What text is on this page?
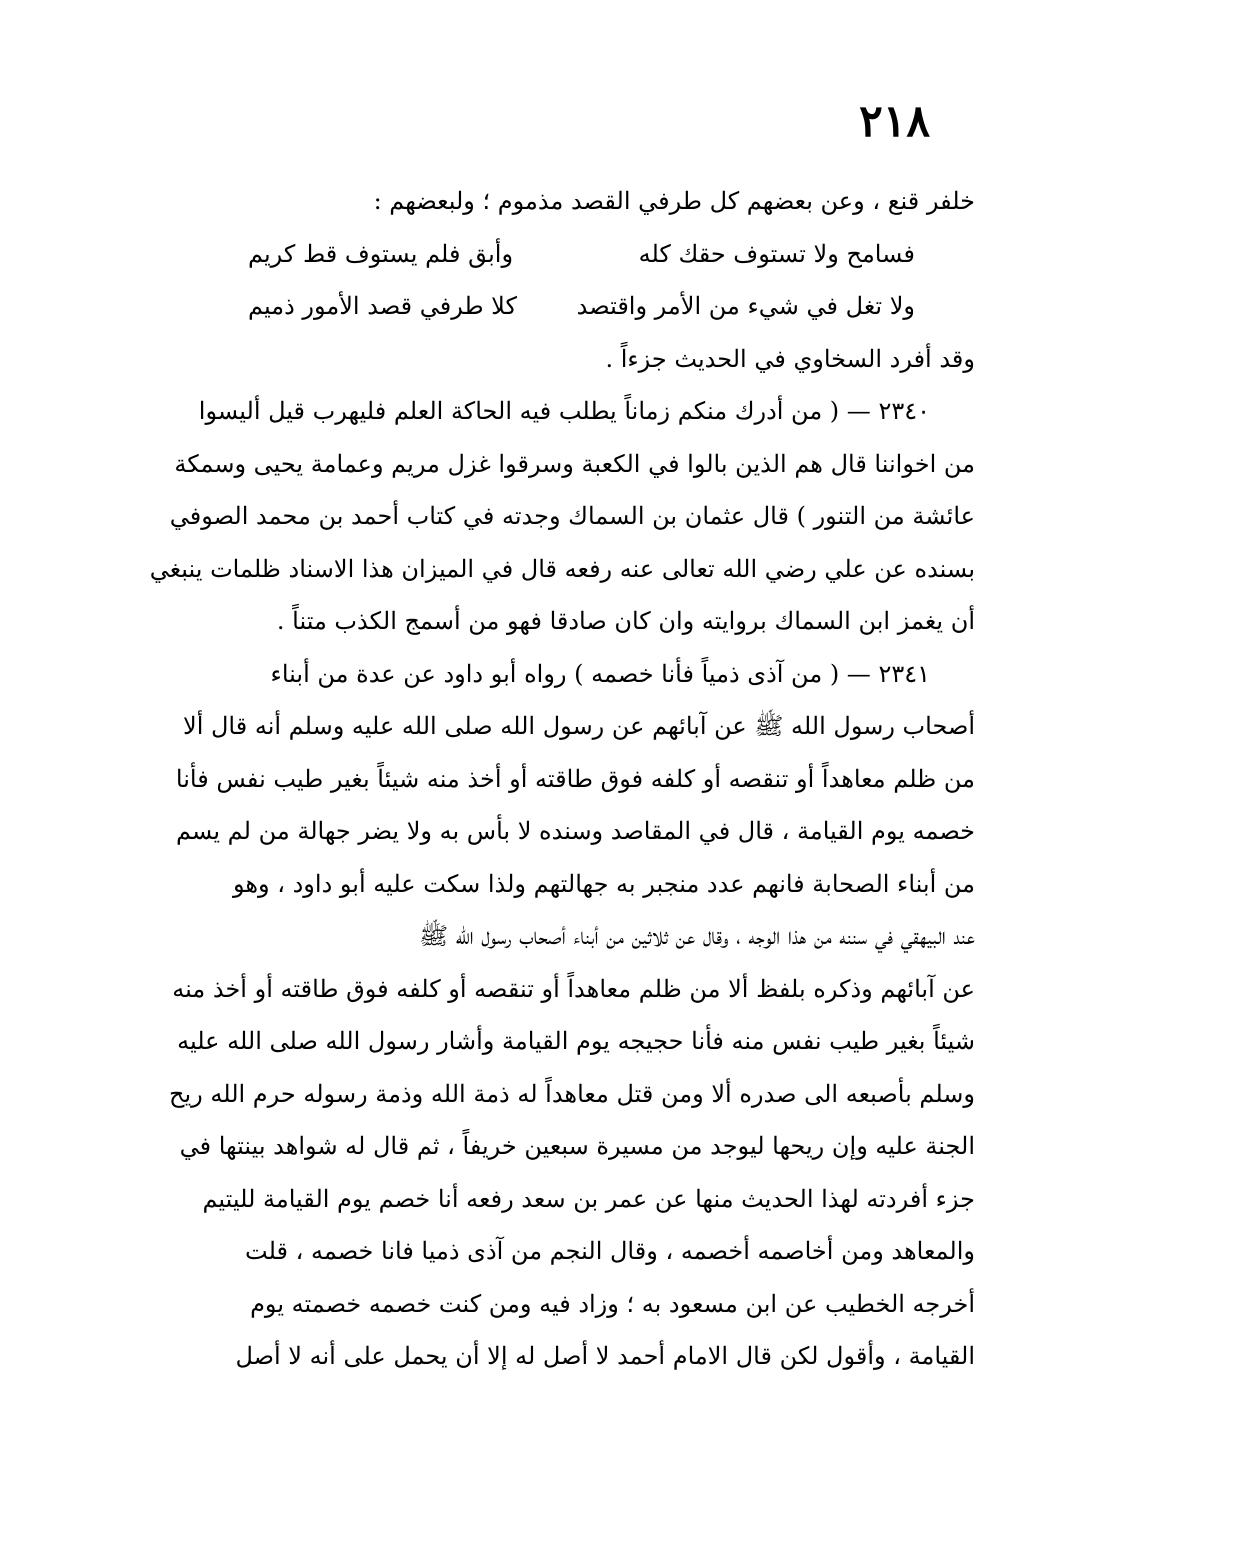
٢١٨
خلفر قنع ، وعن بعضهم كل طرفي القصد مذموم ؛ ولبعضهم :
فسامح ولا تستوف حقك كله
وأبق فلم يستوف قط كريم
ولا تغل في شيء من الأمر واقتصد
كلا طرفي قصد الأمور ذميم
وقد أفرد السخاوي في الحديث جزءاً .
٢٣٤٠ — ( من أدرك منكم زماناً يطلب فيه الحاكة العلم فليهرب قيل أليسوا
من اخواننا قال هم الذين بالوا في الكعبة وسرقوا غزل مريم وعمامة يحيى وسمكة
عائشة من التنور ) قال عثمان بن السماك وجدته في كتاب أحمد بن محمد الصوفي
بسنده عن علي رضي الله تعالى عنه رفعه قال في الميزان هذا الاسناد ظلمات ينبغي
أن يغمز ابن السماك بروايته وان كان صادقا فهو من أسمج الكذب متناً .
٢٣٤١ — ( من آذى ذمياً فأنا خصمه ) رواه أبو داود عن عدة من أبناء
أصحاب رسول الله ﷺ عن آبائهم عن رسول الله صلى الله عليه وسلم أنه قال ألا
من ظلم معاهداً أو تنقصه أو كلفه فوق طاقته أو أخذ منه شيئاً بغير طيب نفس فأنا
خصمه يوم القيامة ، قال في المقاصد وسنده لا بأس به ولا يضر جهالة من لم يسم
من أبناء الصحابة فانهم عدد منجبر به جهالتهم ولذا سكت عليه أبو داود ، وهو
عند البيهقي في سننه من هذا الوجه ، وقال عن ثلاثين من أبناء أصحاب رسول الله ﷺ
عن آبائهم وذكره بلفظ ألا من ظلم معاهداً أو تنقصه أو كلفه فوق طاقته أو أخذ منه
شيئاً بغير طيب نفس منه فأنا حجيجه يوم القيامة وأشار رسول الله صلى الله عليه
وسلم بأصبعه الى صدره ألا ومن قتل معاهداً له ذمة الله وذمة رسوله حرم الله ريح
الجنة عليه وإن ريحها ليوجد من مسيرة سبعين خريفاً ، ثم قال له شواهد بينتها في
جزء أفردته لهذا الحديث منها عن عمر بن سعد رفعه أنا خصم يوم القيامة لليتيم
والمعاهد ومن أخاصمه أخصمه ، وقال النجم من آذى ذميا فانا خصمه ، قلت
أخرجه الخطيب عن ابن مسعود به ؛ وزاد فيه ومن كنت خصمه خصمته يوم
القيامة ، وأقول لكن قال الامام أحمد لا أصل له إلا أن يحمل على أنه لا أصل
